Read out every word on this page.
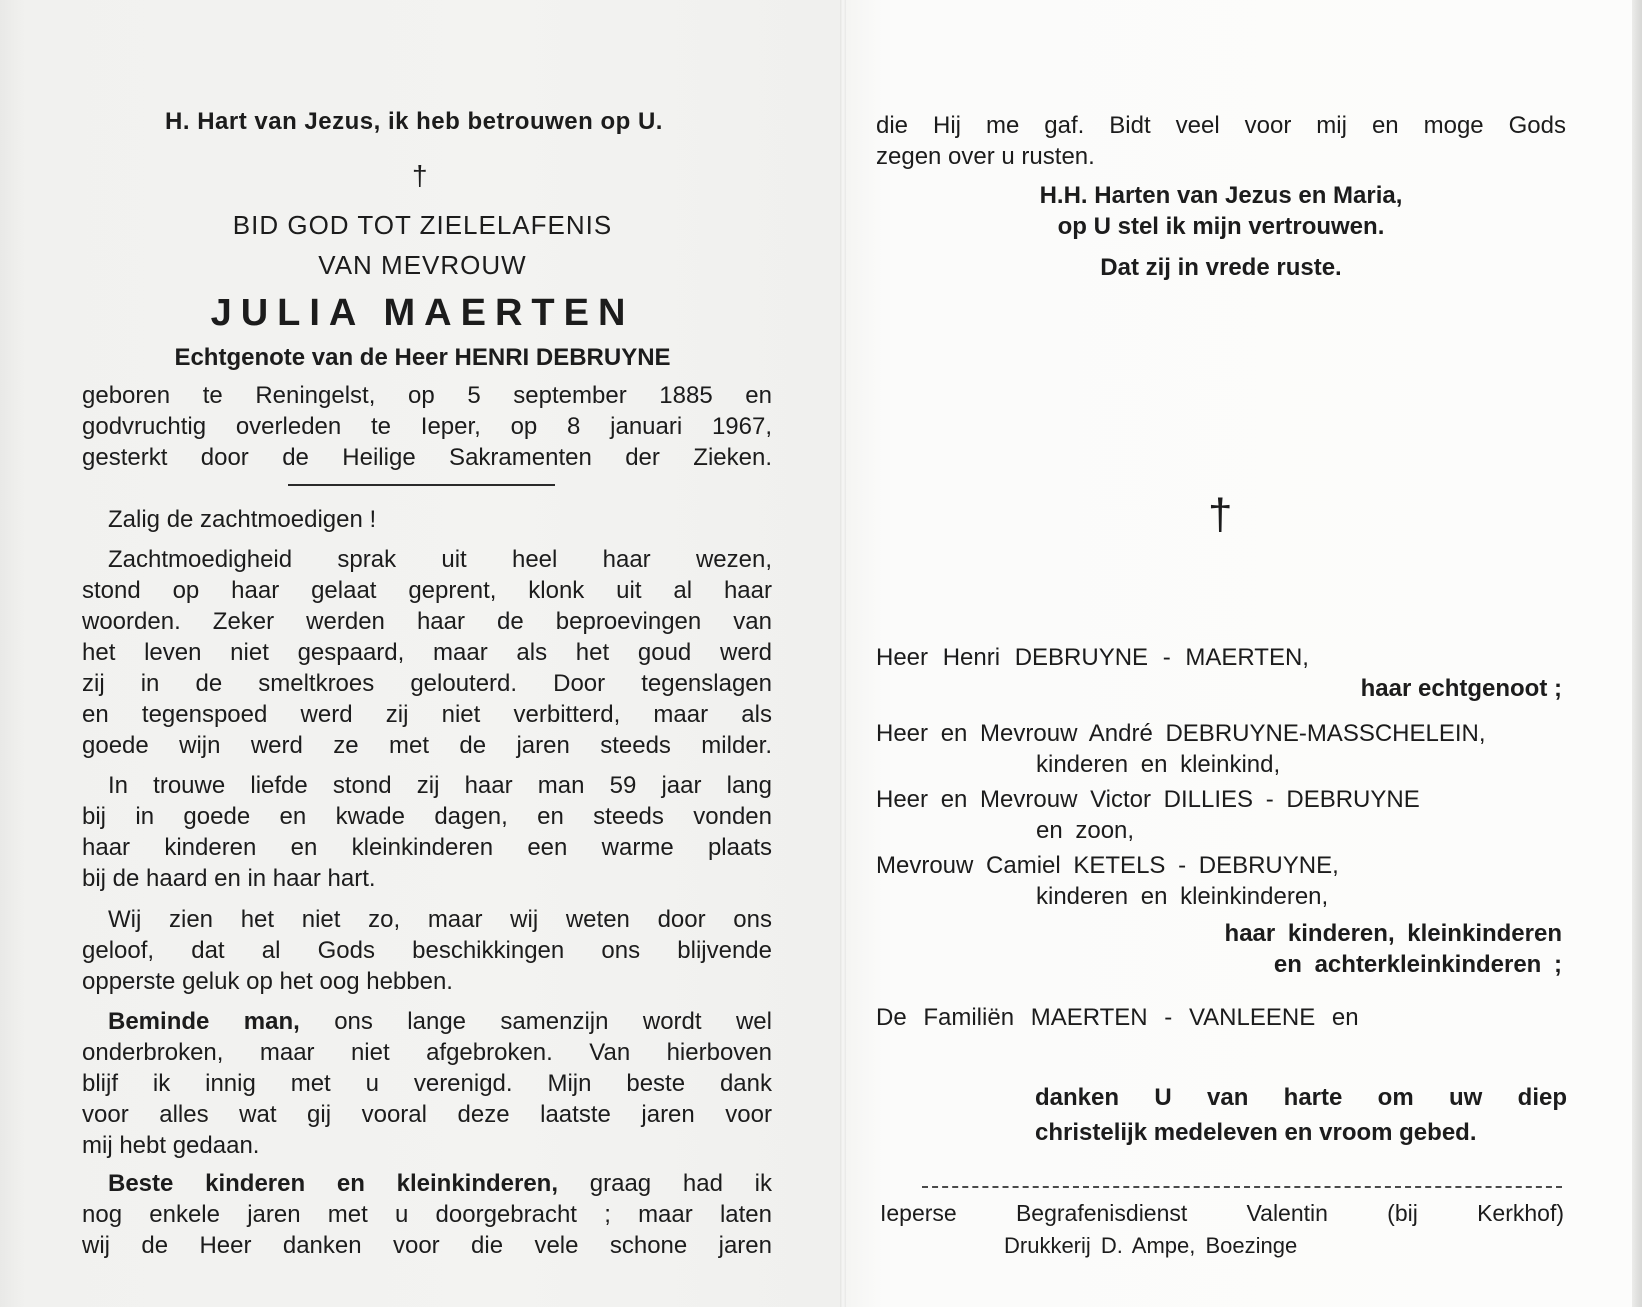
H. Hart van Jezus, ik heb betrouwen op U.
†
BID GOD TOT ZIELELAFENIS
VAN MEVROUW
JULIA MAERTEN
Echtgenote van de Heer HENRI DEBRUYNE
geboren te Reningelst, op 5 september 1885 en
godvruchtig overleden te Ieper, op 8 januari 1967,
gesterkt door de Heilige Sakramenten der Zieken.
Zalig de zachtmoedigen !
Zachtmoedigheid sprak uit heel haar wezen,
stond op haar gelaat geprent, klonk uit al haar
woorden. Zeker werden haar de beproevingen van
het leven niet gespaard, maar als het goud werd
zij in de smeltkroes gelouterd. Door tegenslagen
en tegenspoed werd zij niet verbitterd, maar als
goede wijn werd ze met de jaren steeds milder.
In trouwe liefde stond zij haar man 59 jaar lang
bij in goede en kwade dagen, en steeds vonden
haar kinderen en kleinkinderen een warme plaats
bij de haard en in haar hart.
Wij zien het niet zo, maar wij weten door ons
geloof, dat al Gods beschikkingen ons blijvende
opperste geluk op het oog hebben.
Beminde man, ons lange samenzijn wordt wel
onderbroken, maar niet afgebroken. Van hierboven
blijf ik innig met u verenigd. Mijn beste dank
voor alles wat gij vooral deze laatste jaren voor
mij hebt gedaan.
Beste kinderen en kleinkinderen, graag had ik
nog enkele jaren met u doorgebracht ; maar laten
wij de Heer danken voor die vele schone jaren
die Hij me gaf. Bidt veel voor mij en moge Gods
zegen over u rusten.
H.H. Harten van Jezus en Maria,
op U stel ik mijn vertrouwen.
Dat zij in vrede ruste.
†
Heer Henri DEBRUYNE - MAERTEN,
haar echtgenoot ;
Heer en Mevrouw André DEBRUYNE-MASSCHELEIN,
kinderen en kleinkind,
Heer en Mevrouw Victor DILLIES - DEBRUYNE
en zoon,
Mevrouw Camiel KETELS - DEBRUYNE,
kinderen en kleinkinderen,
haar kinderen, kleinkinderen
en achterkleinkinderen ;
De Familiën MAERTEN - VANLEENE en
danken U van harte om uw diep
christelijk medeleven en vroom gebed.
Ieperse Begrafenisdienst Valentin (bij Kerkhof)
Drukkerij D. Ampe, Boezinge
